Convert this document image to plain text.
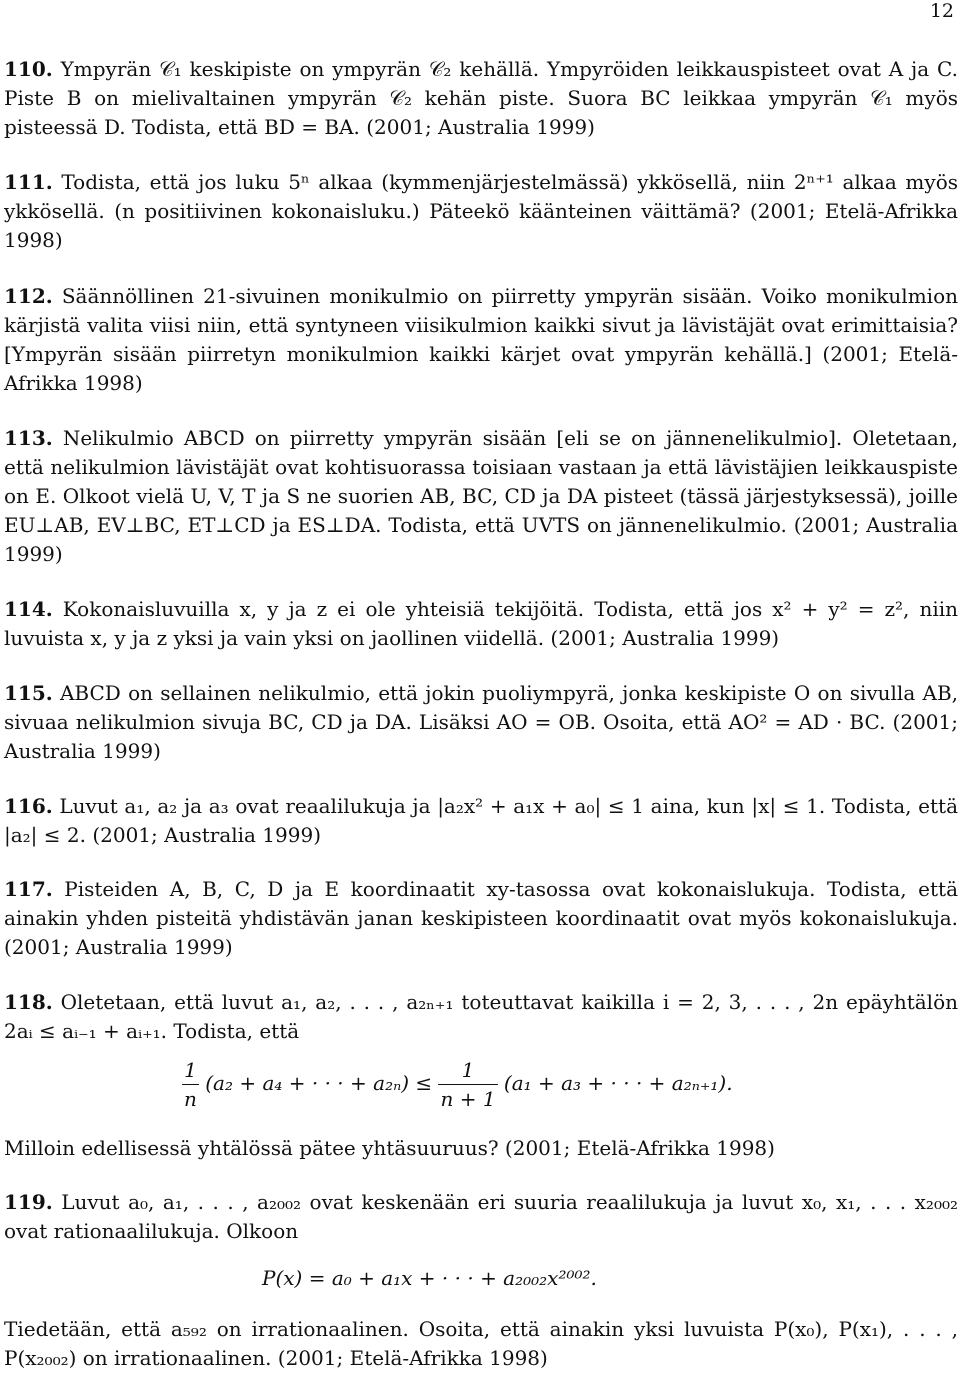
12
110. Ympyrän 𝒞₁ keskipiste on ympyrän 𝒞₂ kehällä. Ympyröiden leikkauspisteet ovat A ja C. Piste B on mielivaltainen ympyrän 𝒞₂ kehän piste. Suora BC leikkaa ympyrän 𝒞₁ myös pisteessä D. Todista, että BD = BA. (2001; Australia 1999)
111. Todista, että jos luku 5ⁿ alkaa (kymmenjärjestelmässä) ykkösellä, niin 2ⁿ⁺¹ alkaa myös ykkösellä. (n positiivinen kokonaisluku.) Päteekö käänteinen väittämä? (2001; Etelä-Afrikka 1998)
112. Säännöllinen 21-sivuinen monikulmio on piirretty ympyrän sisään. Voiko monikulmion kärjistä valita viisi niin, että syntyneen viisikulmion kaikki sivut ja lävistäjät ovat erimittaisia? [Ympyrän sisään piirretyn monikulmion kaikki kärjet ovat ympyrän kehällä.] (2001; Etelä-Afrikka 1998)
113. Nelikulmio ABCD on piirretty ympyrän sisään [eli se on jännenelikulmio]. Oletetaan, että nelikulmion lävistäjät ovat kohtisuorassa toisiaan vastaan ja että lävistäjien leikkauspiste on E. Olkoot vielä U, V, T ja S ne suorien AB, BC, CD ja DA pisteet (tässä järjestyksessä), joille EU⊥AB, EV⊥BC, ET⊥CD ja ES⊥DA. Todista, että UVTS on jännenelikulmio. (2001; Australia 1999)
114. Kokonaisluvuilla x, y ja z ei ole yhteisiä tekijöitä. Todista, että jos x² + y² = z², niin luvuista x, y ja z yksi ja vain yksi on jaollinen viidellä. (2001; Australia 1999)
115. ABCD on sellainen nelikulmio, että jokin puoliympyrä, jonka keskipiste O on sivulla AB, sivuaa nelikulmion sivuja BC, CD ja DA. Lisäksi AO = OB. Osoita, että AO² = AD · BC. (2001; Australia 1999)
116. Luvut a₁, a₂ ja a₃ ovat reaalilukuja ja |a₂x² + a₁x + a₀| ≤ 1 aina, kun |x| ≤ 1. Todista, että |a₂| ≤ 2. (2001; Australia 1999)
117. Pisteiden A, B, C, D ja E koordinaatit xy-tasossa ovat kokonaislukuja. Todista, että ainakin yhden pisteitä yhdistävän janan keskipisteen koordinaatit ovat myös kokonaislukuja. (2001; Australia 1999)
118. Oletetaan, että luvut a₁, a₂, . . . , a₂ₙ₊₁ toteuttavat kaikilla i = 2, 3, . . . , 2n epäyhtälön 2aᵢ ≤ aᵢ₋₁ + aᵢ₊₁. Todista, että
$\frac{1}{n} (a_2 + a_4$ + · · · + $a_{2n}) \le \frac{1}{n + 1} (a_1 + a_3$ + · · · + a₂ₙ₊₁).
Milloin edellisessä yhtälössä pätee yhtäsuuruus? (2001; Etelä-Afrikka 1998)
119. Luvut a₀, a₁, . . . , a₂₀₀₂ ovat keskenään eri suuria reaalilukuja ja luvut x₀, x₁, . . . x₂₀₀₂ ovat rationaalilukuja. Olkoon
P(x) = a₀ + a₁x + · · · + a₂₀₀₂x²⁰⁰².
Tiedetään, että a₅₉₂ on irrationaalinen. Osoita, että ainakin yksi luvuista P(x₀), P(x₁), . . . , P(x₂₀₀₂) on irrationaalinen. (2001; Etelä-Afrikka 1998)
